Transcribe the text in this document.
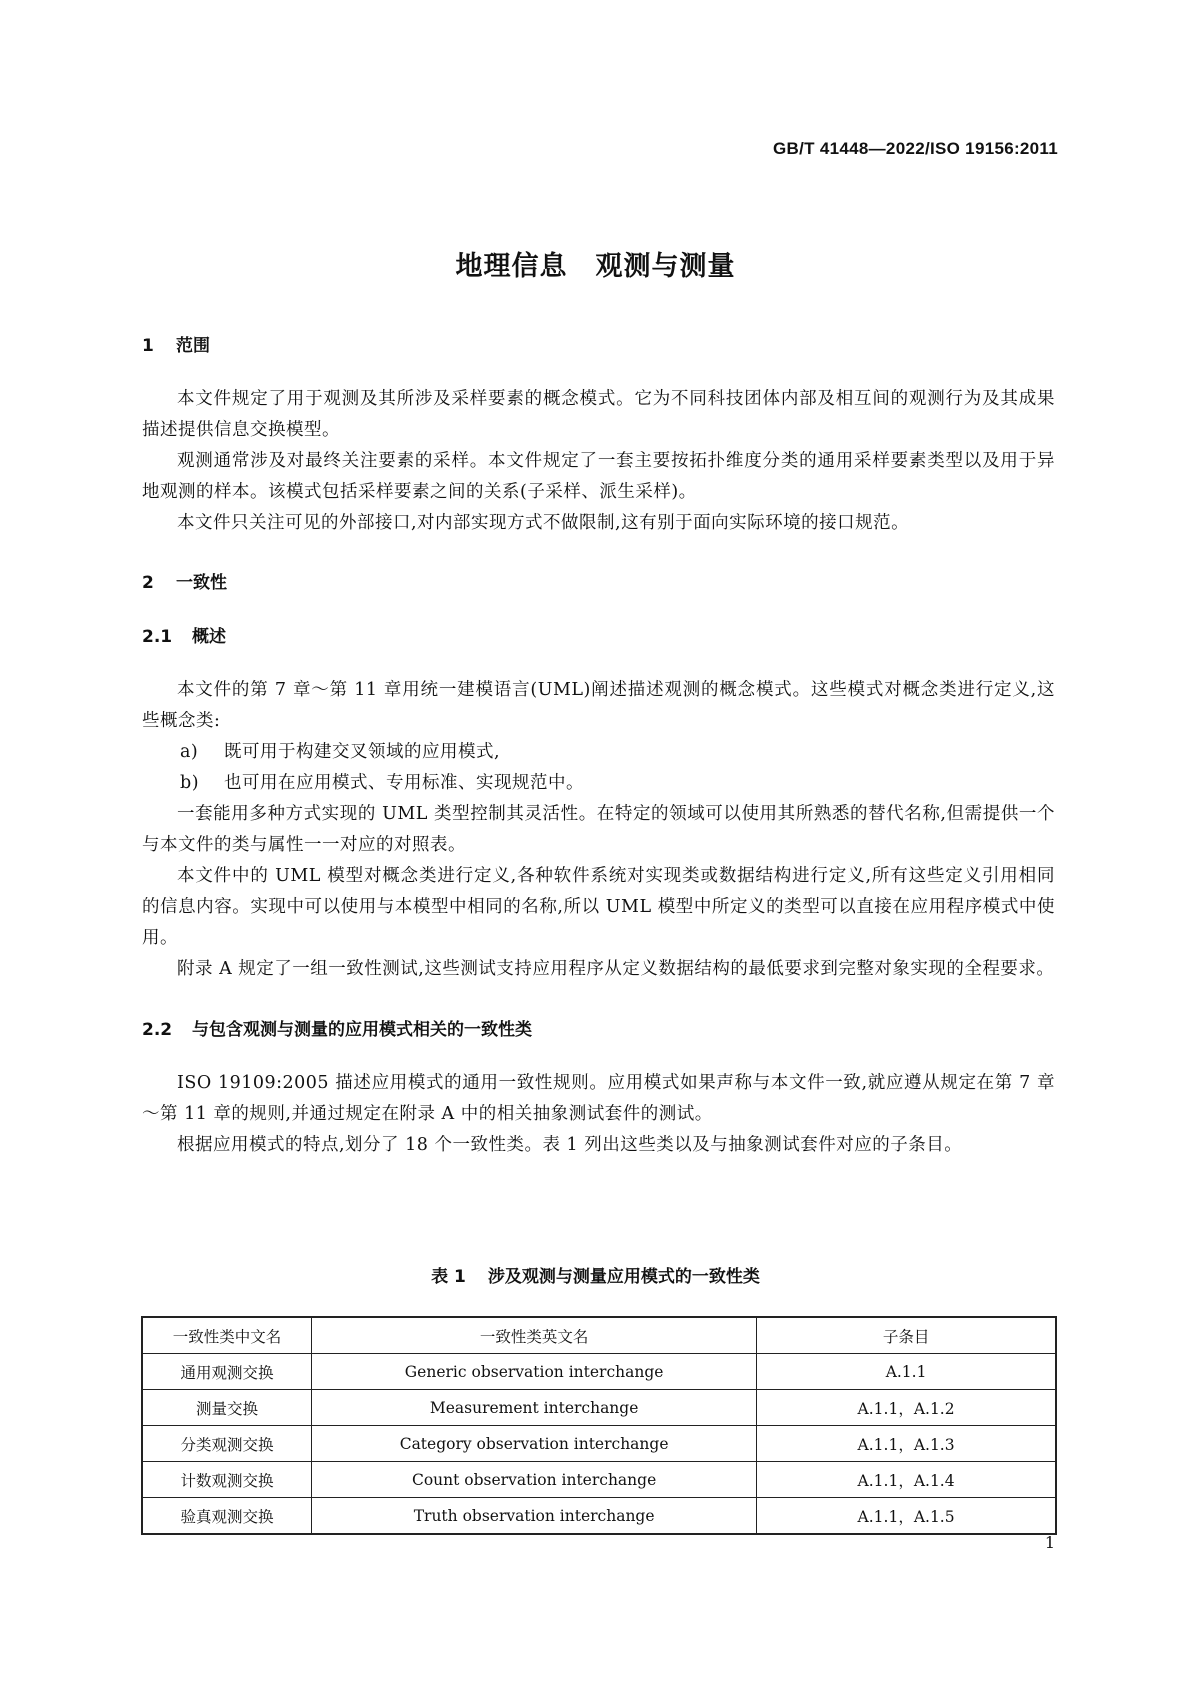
GB/T 41448—2022/ISO 19156:2011
地理信息　观测与测量
1 范围

本文件规定了用于观测及其所涉及采样要素的概念模式。它为不同科技团体内部及相互间的观测行为及其成果描述提供信息交换模型。

观测通常涉及对最终关注要素的采样。本文件规定了一套主要按拓扑维度分类的通用采样要素类型以及用于异地观测的样本。该模式包括采样要素之间的关系(子采样、派生采样)。

本文件只关注可见的外部接口,对内部实现方式不做限制,这有别于面向实际环境的接口规范。

2 一致性
2.1 概述

本文件的第 7 章～第 11 章用统一建模语言(UML)阐述描述观测的概念模式。这些模式对概念类进行定义,这些概念类:

a) 既可用于构建交叉领域的应用模式,
b) 也可用在应用模式、专用标准、实现规范中。

一套能用多种方式实现的 UML 类型控制其灵活性。在特定的领域可以使用其所熟悉的替代名称,但需提供一个与本文件的类与属性一一对应的对照表。

本文件中的 UML 模型对概念类进行定义,各种软件系统对实现类或数据结构进行定义,所有这些定义引用相同的信息内容。实现中可以使用与本模型中相同的名称,所以 UML 模型中所定义的类型可以直接在应用程序模式中使用。

附录 A 规定了一组一致性测试,这些测试支持应用程序从定义数据结构的最低要求到完整对象实现的全程要求。

2.2 与包含观测与测量的应用模式相关的一致性类

ISO 19109:2005 描述应用模式的通用一致性规则。应用模式如果声称与本文件一致,就应遵从规定在第 7 章～第 11 章的规则,并通过规定在附录 A 中的相关抽象测试套件的测试。

根据应用模式的特点,划分了 18 个一致性类。表 1 列出这些类以及与抽象测试套件对应的子条目。

表 1 涉及观测与测量应用模式的一致性类
一致性类中文名	一致性类英文名	子条目
通用观测交换	Generic observation interchange	A.1.1
测量交换	Measurement interchange	A.1.1，A.1.2
分类观测交换	Category observation interchange	A.1.1，A.1.3
计数观测交换	Count observation interchange	A.1.1，A.1.4
验真观测交换	Truth observation interchange	A.1.1，A.1.5
1
